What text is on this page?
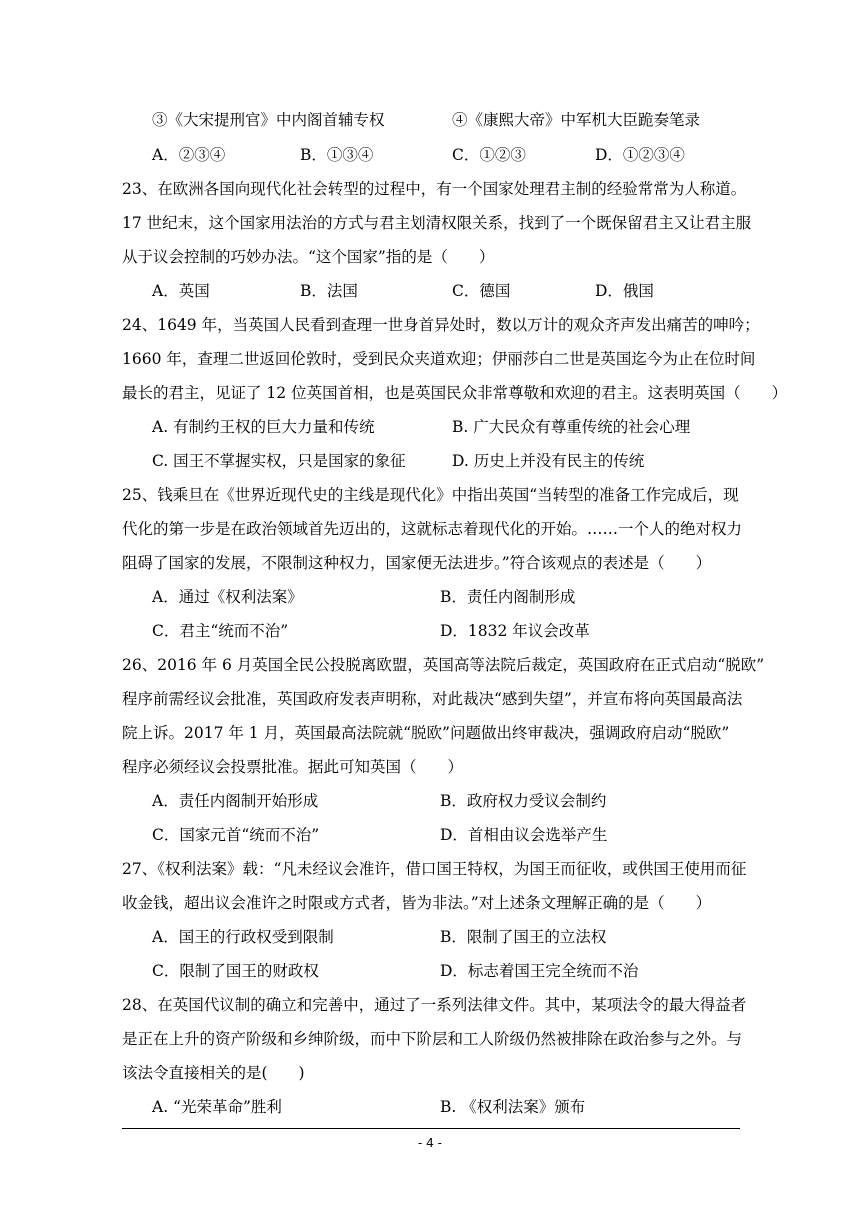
③《大宋提刑官》中内阁首辅专权	④《康熙大帝》中军机大臣跪奏笔录
A．②③④	B．①③④	C．①②③	D．①②③④
23、在欧洲各国向现代化社会转型的过程中，有一个国家处理君主制的经验常常为人称道。
17 世纪末，这个国家用法治的方式与君主划清权限关系，找到了一个既保留君主又让君主服
从于议会控制的巧妙办法。“这个国家”指的是（　　）
A．英国	B．法国	C．德国	D．俄国
24、1649 年，当英国人民看到查理一世身首异处时，数以万计的观众齐声发出痛苦的呻吟；
1660 年，查理二世返回伦敦时，受到民众夹道欢迎；伊丽莎白二世是英国迄今为止在位时间
最长的君主，见证了 12 位英国首相，也是英国民众非常尊敬和欢迎的君主。这表明英国（　　）
A. 有制约王权的巨大力量和传统	B. 广大民众有尊重传统的社会心理
C. 国王不掌握实权，只是国家的象征	D. 历史上并没有民主的传统
25、钱乘旦在《世界近现代史的主线是现代化》中指出英国“当转型的准备工作完成后，现
代化的第一步是在政治领域首先迈出的，这就标志着现代化的开始。……一个人的绝对权力
阻碍了国家的发展，不限制这种权力，国家便无法进步。”符合该观点的表述是（　　）
A．通过《权利法案》	B．责任内阁制形成
C．君主“统而不治”	D．1832 年议会改革
26、2016 年 6 月英国全民公投脱离欧盟，英国高等法院后裁定，英国政府在正式启动“脱欧”
程序前需经议会批准，英国政府发表声明称，对此裁决“感到失望”，并宣布将向英国最高法
院上诉。2017 年 1 月，英国最高法院就“脱欧”问题做出终审裁决，强调政府启动“脱欧”
程序必须经议会投票批准。据此可知英国（　　）
A．责任内阁制开始形成	B．政府权力受议会制约
C．国家元首“统而不治”	D．首相由议会选举产生
27、《权利法案》载：“凡未经议会准许，借口国王特权，为国王而征收，或供国王使用而征
收金钱，超出议会准许之时限或方式者，皆为非法。”对上述条文理解正确的是（　　）
A．国王的行政权受到限制	B．限制了国王的立法权
C．限制了国王的财政权	D．标志着国王完全统而不治
28、在英国代议制的确立和完善中，通过了一系列法律文件。其中，某项法令的最大得益者
是正在上升的资产阶级和乡绅阶级，而中下阶层和工人阶级仍然被排除在政治参与之外。与
该法令直接相关的是(　　)
A. “光荣革命”胜利	B. 《权利法案》颁布
- 4 -
